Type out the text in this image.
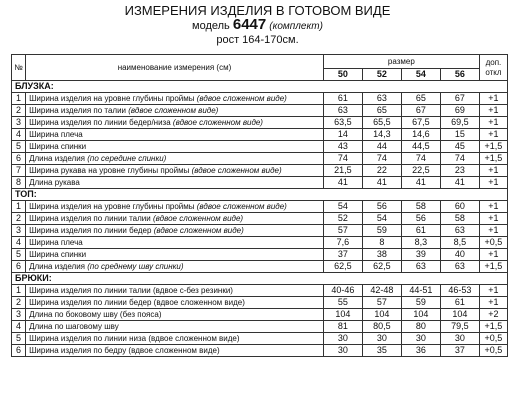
ИЗМЕРЕНИЯ ИЗДЕЛИЯ В ГОТОВОМ ВИДЕ
модель 6447 (комплект)
рост 164-170см.
№	наименование измерения (см)	размер				доп. откл
		50	52	54	56	
БЛУЗКА:						
1	Ширина изделия на уровне глубины проймы (вдвое сложенном виде)	61	63	65	67	+1
2	Ширина изделия по талии (вдвое сложенном виде)	63	65	67	69	+1
3	Ширина изделия по линии бедер/низа (вдвое сложенном виде)	63,5	65,5	67,5	69,5	+1
4	Ширина плеча	14	14,3	14,6	15	+1
5	Ширина спинки	43	44	44,5	45	+1,5
6	Длина изделия (по середине спинки)	74	74	74	74	+1,5
7	Ширина рукава на уровне глубины проймы (вдвое сложенном виде)	21,5	22	22,5	23	+1
8	Длина рукава	41	41	41	41	+1
ТОП:						
1	Ширина изделия на уровне глубины проймы (вдвое сложенном виде)	54	56	58	60	+1
2	Ширина изделия по линии талии (вдвое сложенном виде)	52	54	56	58	+1
3	Ширина изделия по линии бедер (вдвое сложенном виде)	57	59	61	63	+1
4	Ширина плеча	7,6	8	8,3	8,5	+0,5
5	Ширина спинки	37	38	39	40	+1
6	Длина изделия (по среднему шву спинки)	62,5	62,5	63	63	+1,5
БРЮКИ:						
1	Ширина изделия по линии талии (вдвое с-без резинки)	40-46	42-48	44-51	46-53	+1
2	Ширина изделия по линии бедер (вдвое сложенном виде)	55	57	59	61	+1
3	Длина по боковому шву (без пояса)	104	104	104	104	+2
4	Длина по шаговому шву	81	80,5	80	79,5	+1,5
5	Ширина изделия по линии низа (вдвое сложенном виде)	30	30	30	30	+0,5
6	Ширина изделия по бедру (вдвое сложенном виде)	30	35	36	37	+0,5
